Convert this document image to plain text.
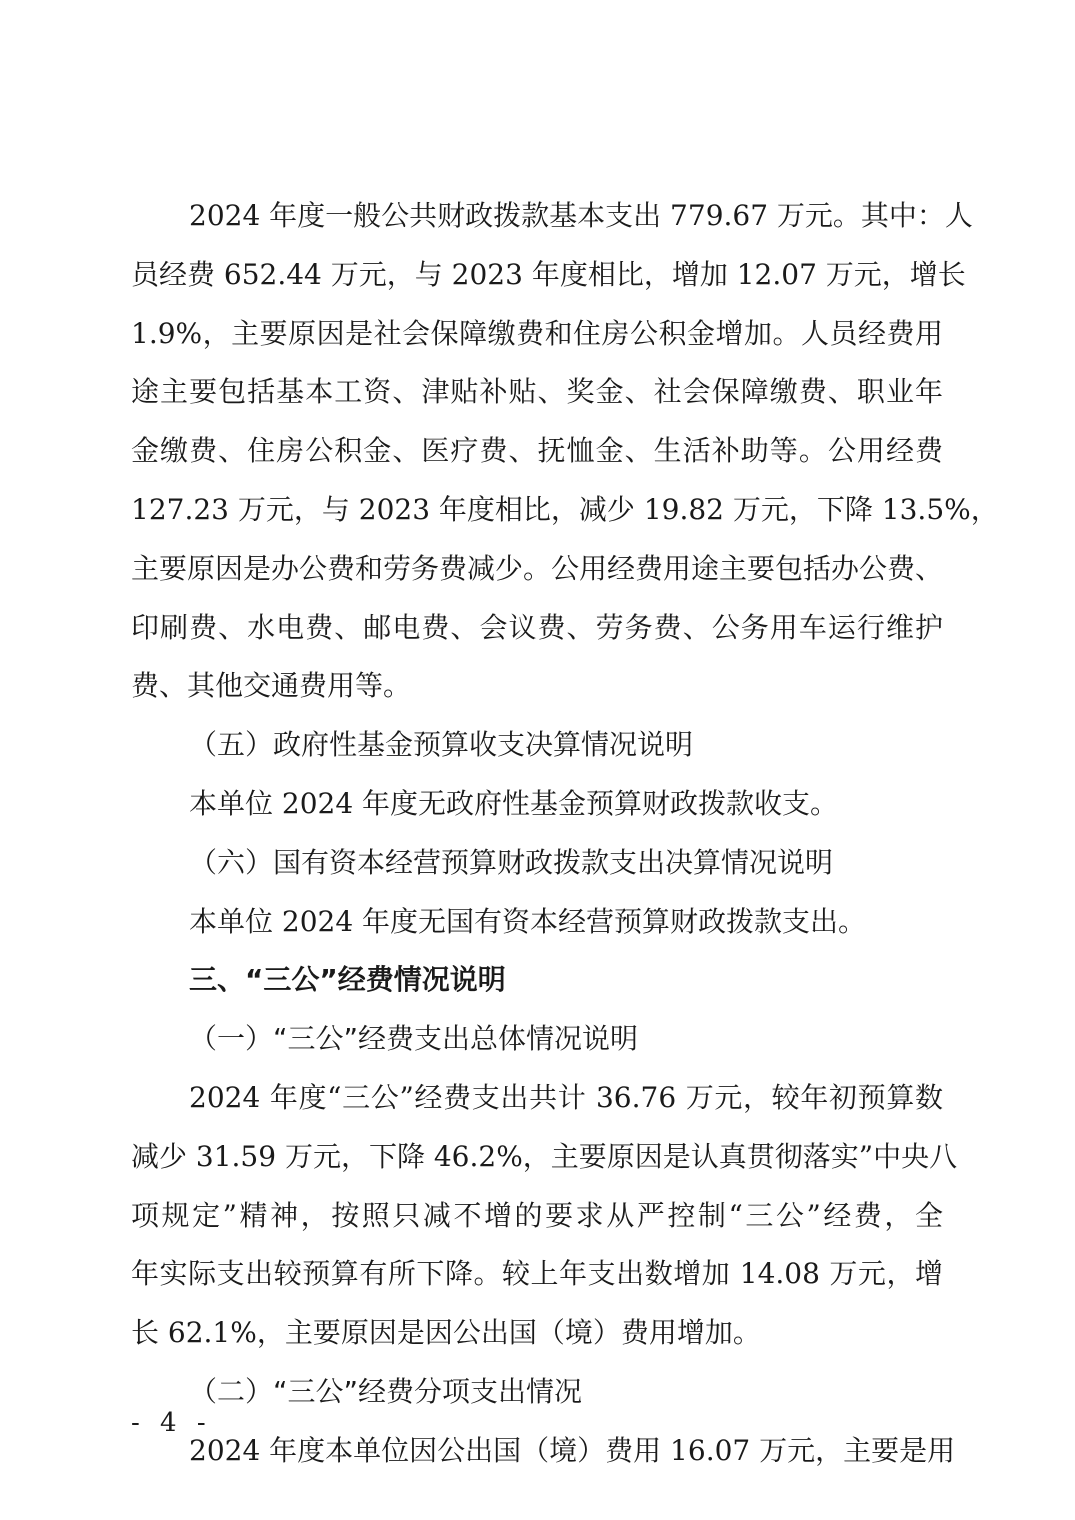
2024 年度一般公共财政拨款基本支出 779.67 万元。其中：人
员经费 652.44 万元，与 2023 年度相比，增加 12.07 万元，增长
1.9%，主要原因是社会保障缴费和住房公积金增加。人员经费用
途主要包括基本工资、津贴补贴、奖金、社会保障缴费、职业年
金缴费、住房公积金、医疗费、抚恤金、生活补助等。公用经费
127.23 万元，与 2023 年度相比，减少 19.82 万元，下降 13.5%，
主要原因是办公费和劳务费减少。公用经费用途主要包括办公费、
印刷费、水电费、邮电费、会议费、劳务费、公务用车运行维护
费、其他交通费用等。
（五）政府性基金预算收支决算情况说明
本单位 2024 年度无政府性基金预算财政拨款收支。
（六）国有资本经营预算财政拨款支出决算情况说明
本单位 2024 年度无国有资本经营预算财政拨款支出。
三、“三公”经费情况说明
（一）“三公”经费支出总体情况说明
2024 年度“三公”经费支出共计 36.76 万元，较年初预算数
减少 31.59 万元，下降 46.2%，主要原因是认真贯彻落实”中央八
项规定”精神，按照只减不增的要求从严控制“三公”经费，全
年实际支出较预算有所下降。较上年支出数增加 14.08 万元，增
长 62.1%，主要原因是因公出国（境）费用增加。
（二）“三公”经费分项支出情况
2024 年度本单位因公出国（境）费用 16.07 万元，主要是用
- 4 -
